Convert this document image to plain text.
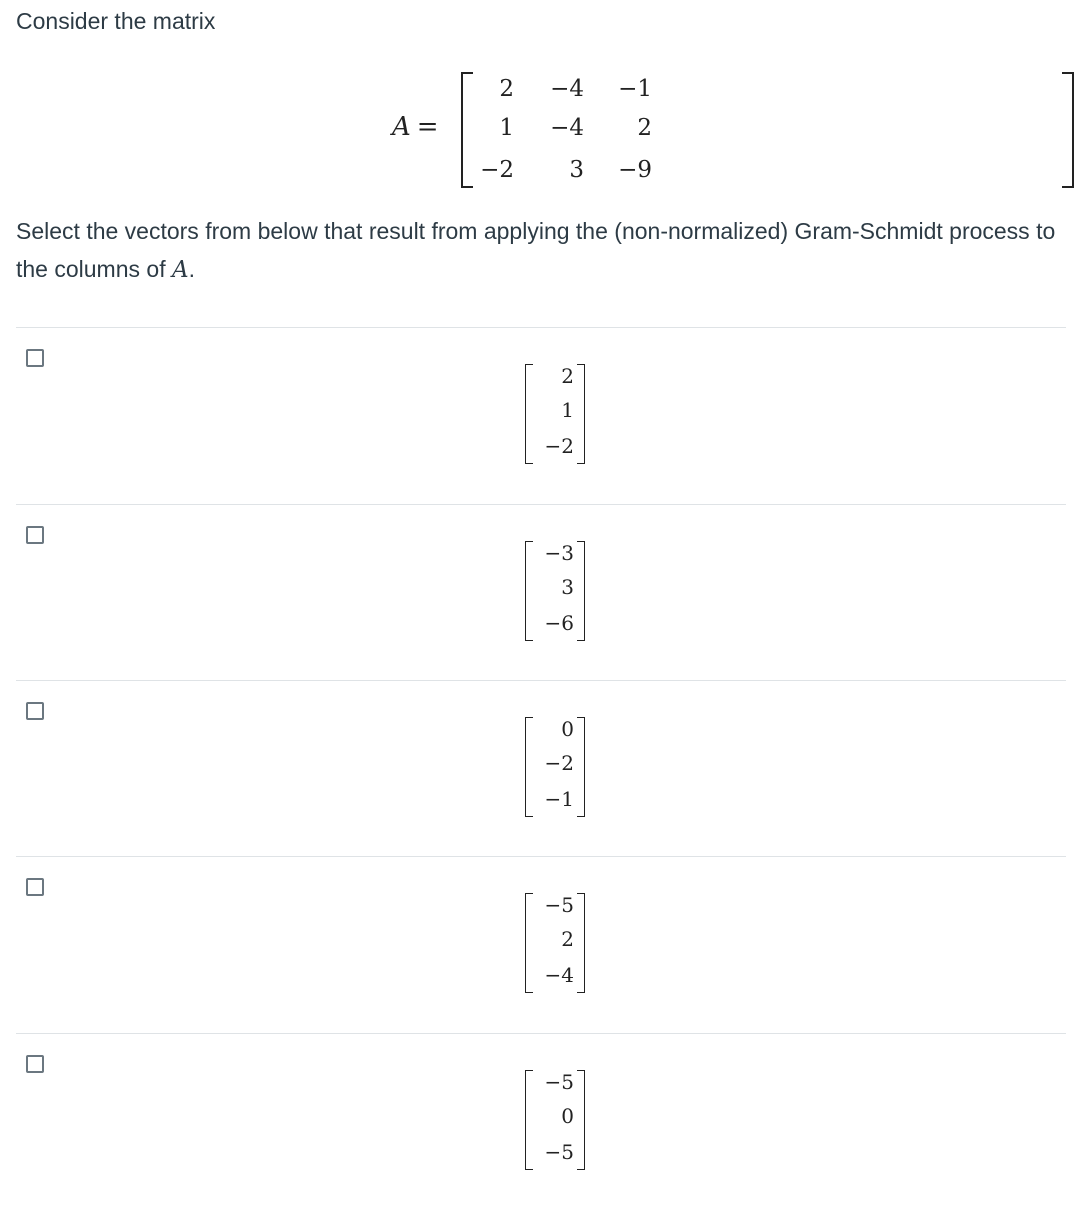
Consider the matrix
A =
2	−4	−1
1	−4	2
−2	3	−9
Select the vectors from below that result from applying the (non-normalized) Gram-Schmidt process to the columns of A.
2
1
−2
−3
3
−6
0
−2
−1
−5
2
−4
−5
0
−5
